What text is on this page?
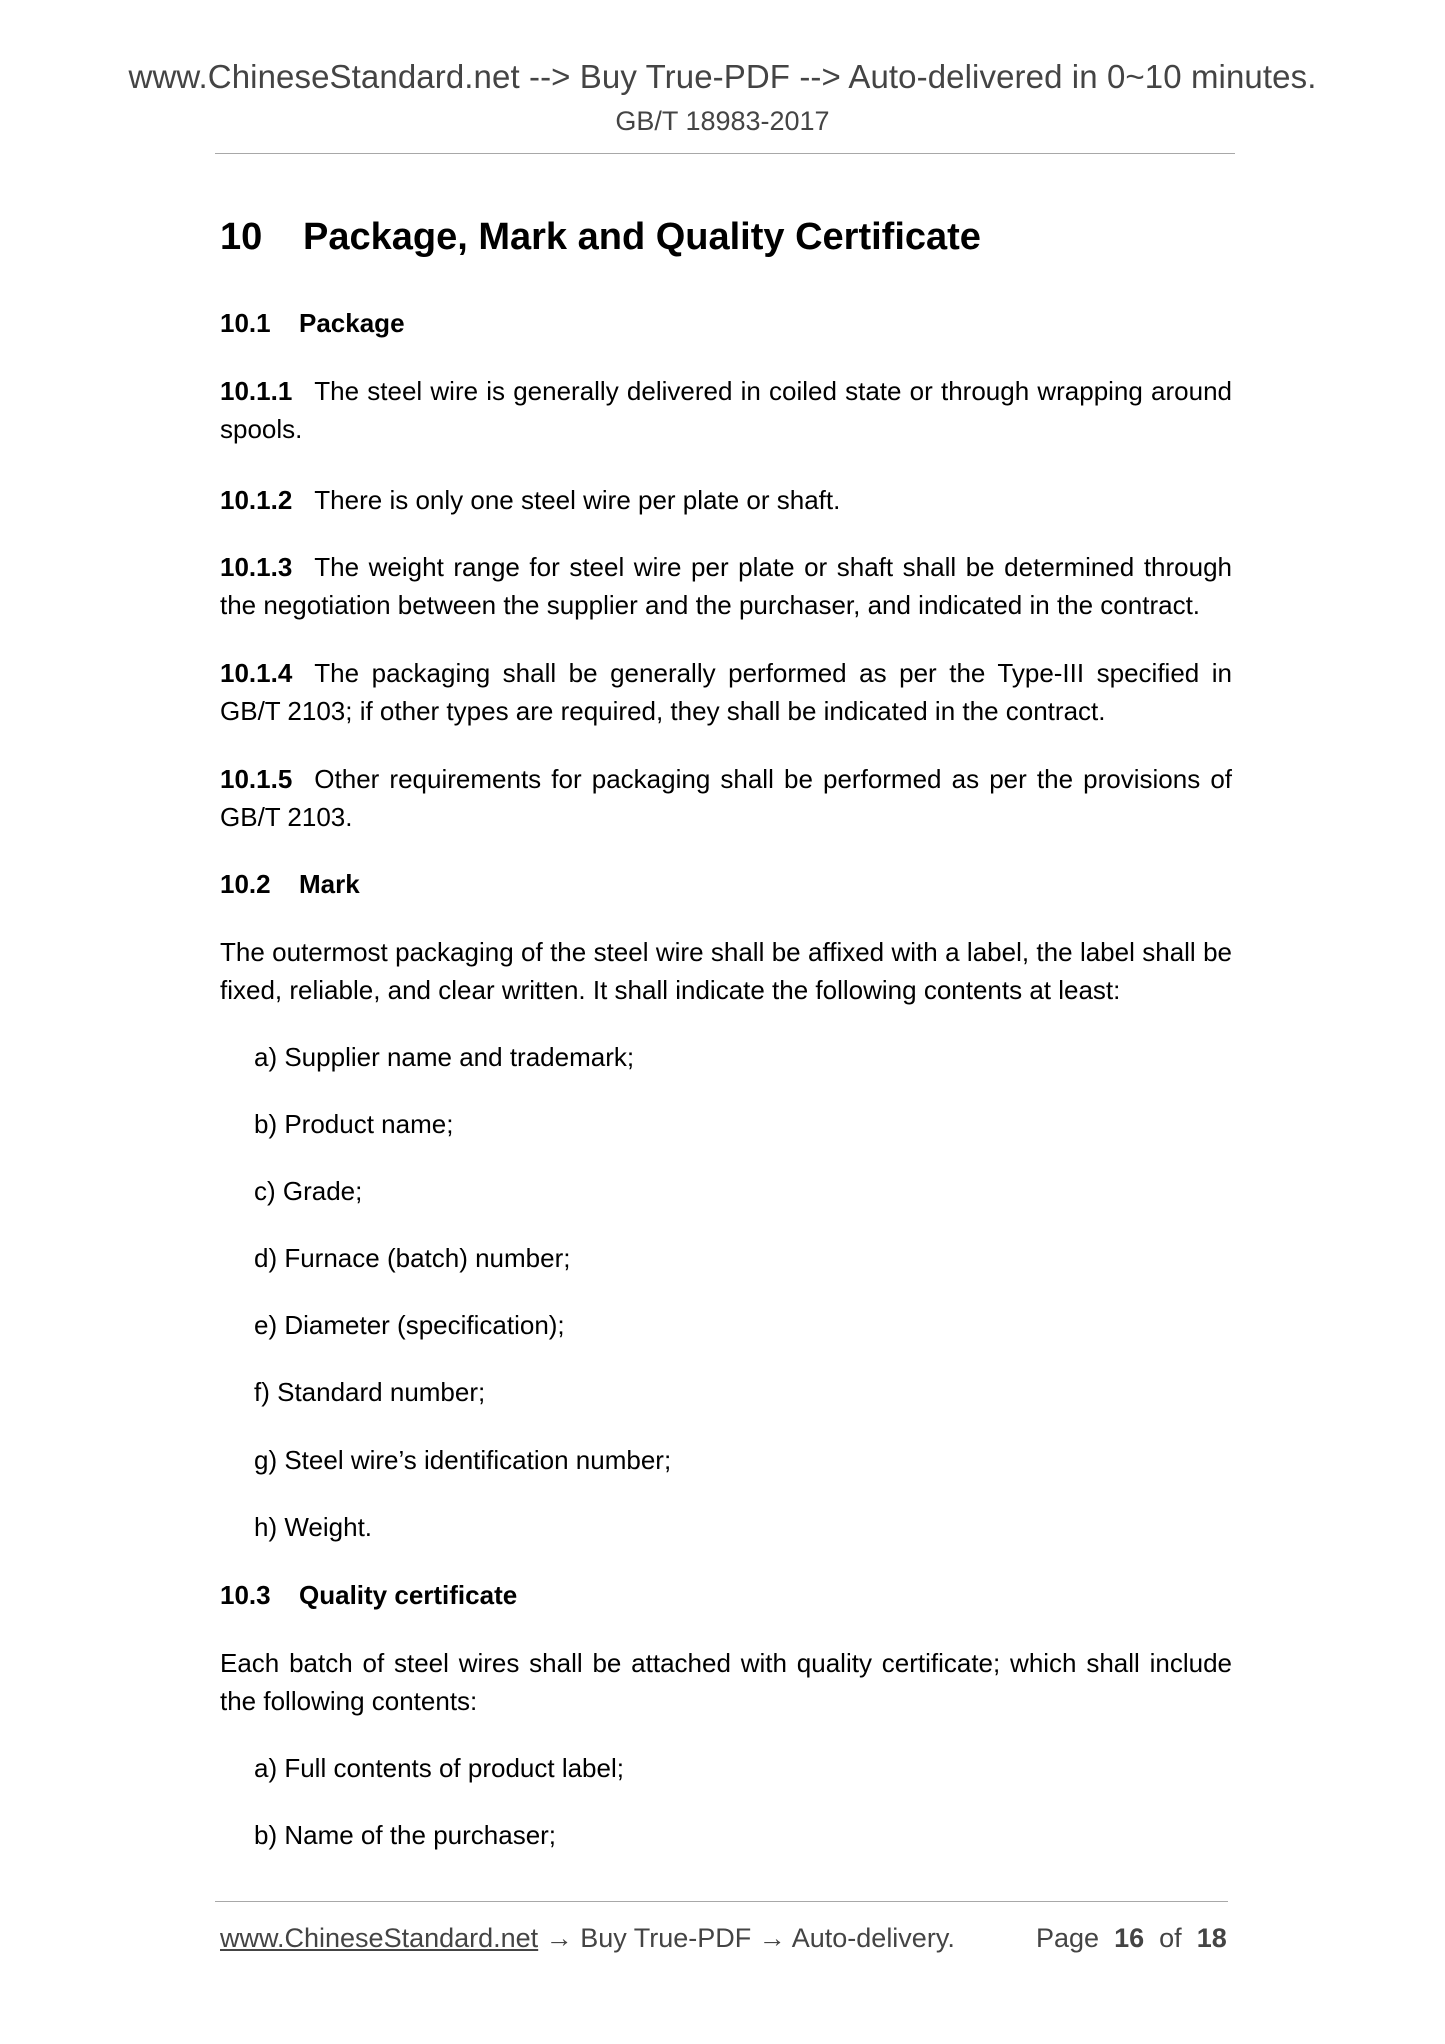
www.ChineseStandard.net --> Buy True-PDF --> Auto-delivered in 0~10 minutes.
GB/T 18983-2017
10 Package, Mark and Quality Certificate
10.1 Package
10.1.1 The steel wire is generally delivered in coiled state or through wrapping around spools.
10.1.2 There is only one steel wire per plate or shaft.
10.1.3 The weight range for steel wire per plate or shaft shall be determined through the negotiation between the supplier and the purchaser, and indicated in the contract.
10.1.4 The packaging shall be generally performed as per the Type-III specified in GB/T 2103; if other types are required, they shall be indicated in the contract.
10.1.5 Other requirements for packaging shall be performed as per the provisions of GB/T 2103.
10.2 Mark
The outermost packaging of the steel wire shall be affixed with a label, the label shall be fixed, reliable, and clear written. It shall indicate the following contents at least:
a) Supplier name and trademark;
b) Product name;
c) Grade;
d) Furnace (batch) number;
e) Diameter (specification);
f) Standard number;
g) Steel wire’s identification number;
h) Weight.
10.3 Quality certificate
Each batch of steel wires shall be attached with quality certificate; which shall include the following contents:
a) Full contents of product label;
b) Name of the purchaser;
www.ChineseStandard.net → Buy True-PDF → Auto-delivery.	Page 16 of 18
